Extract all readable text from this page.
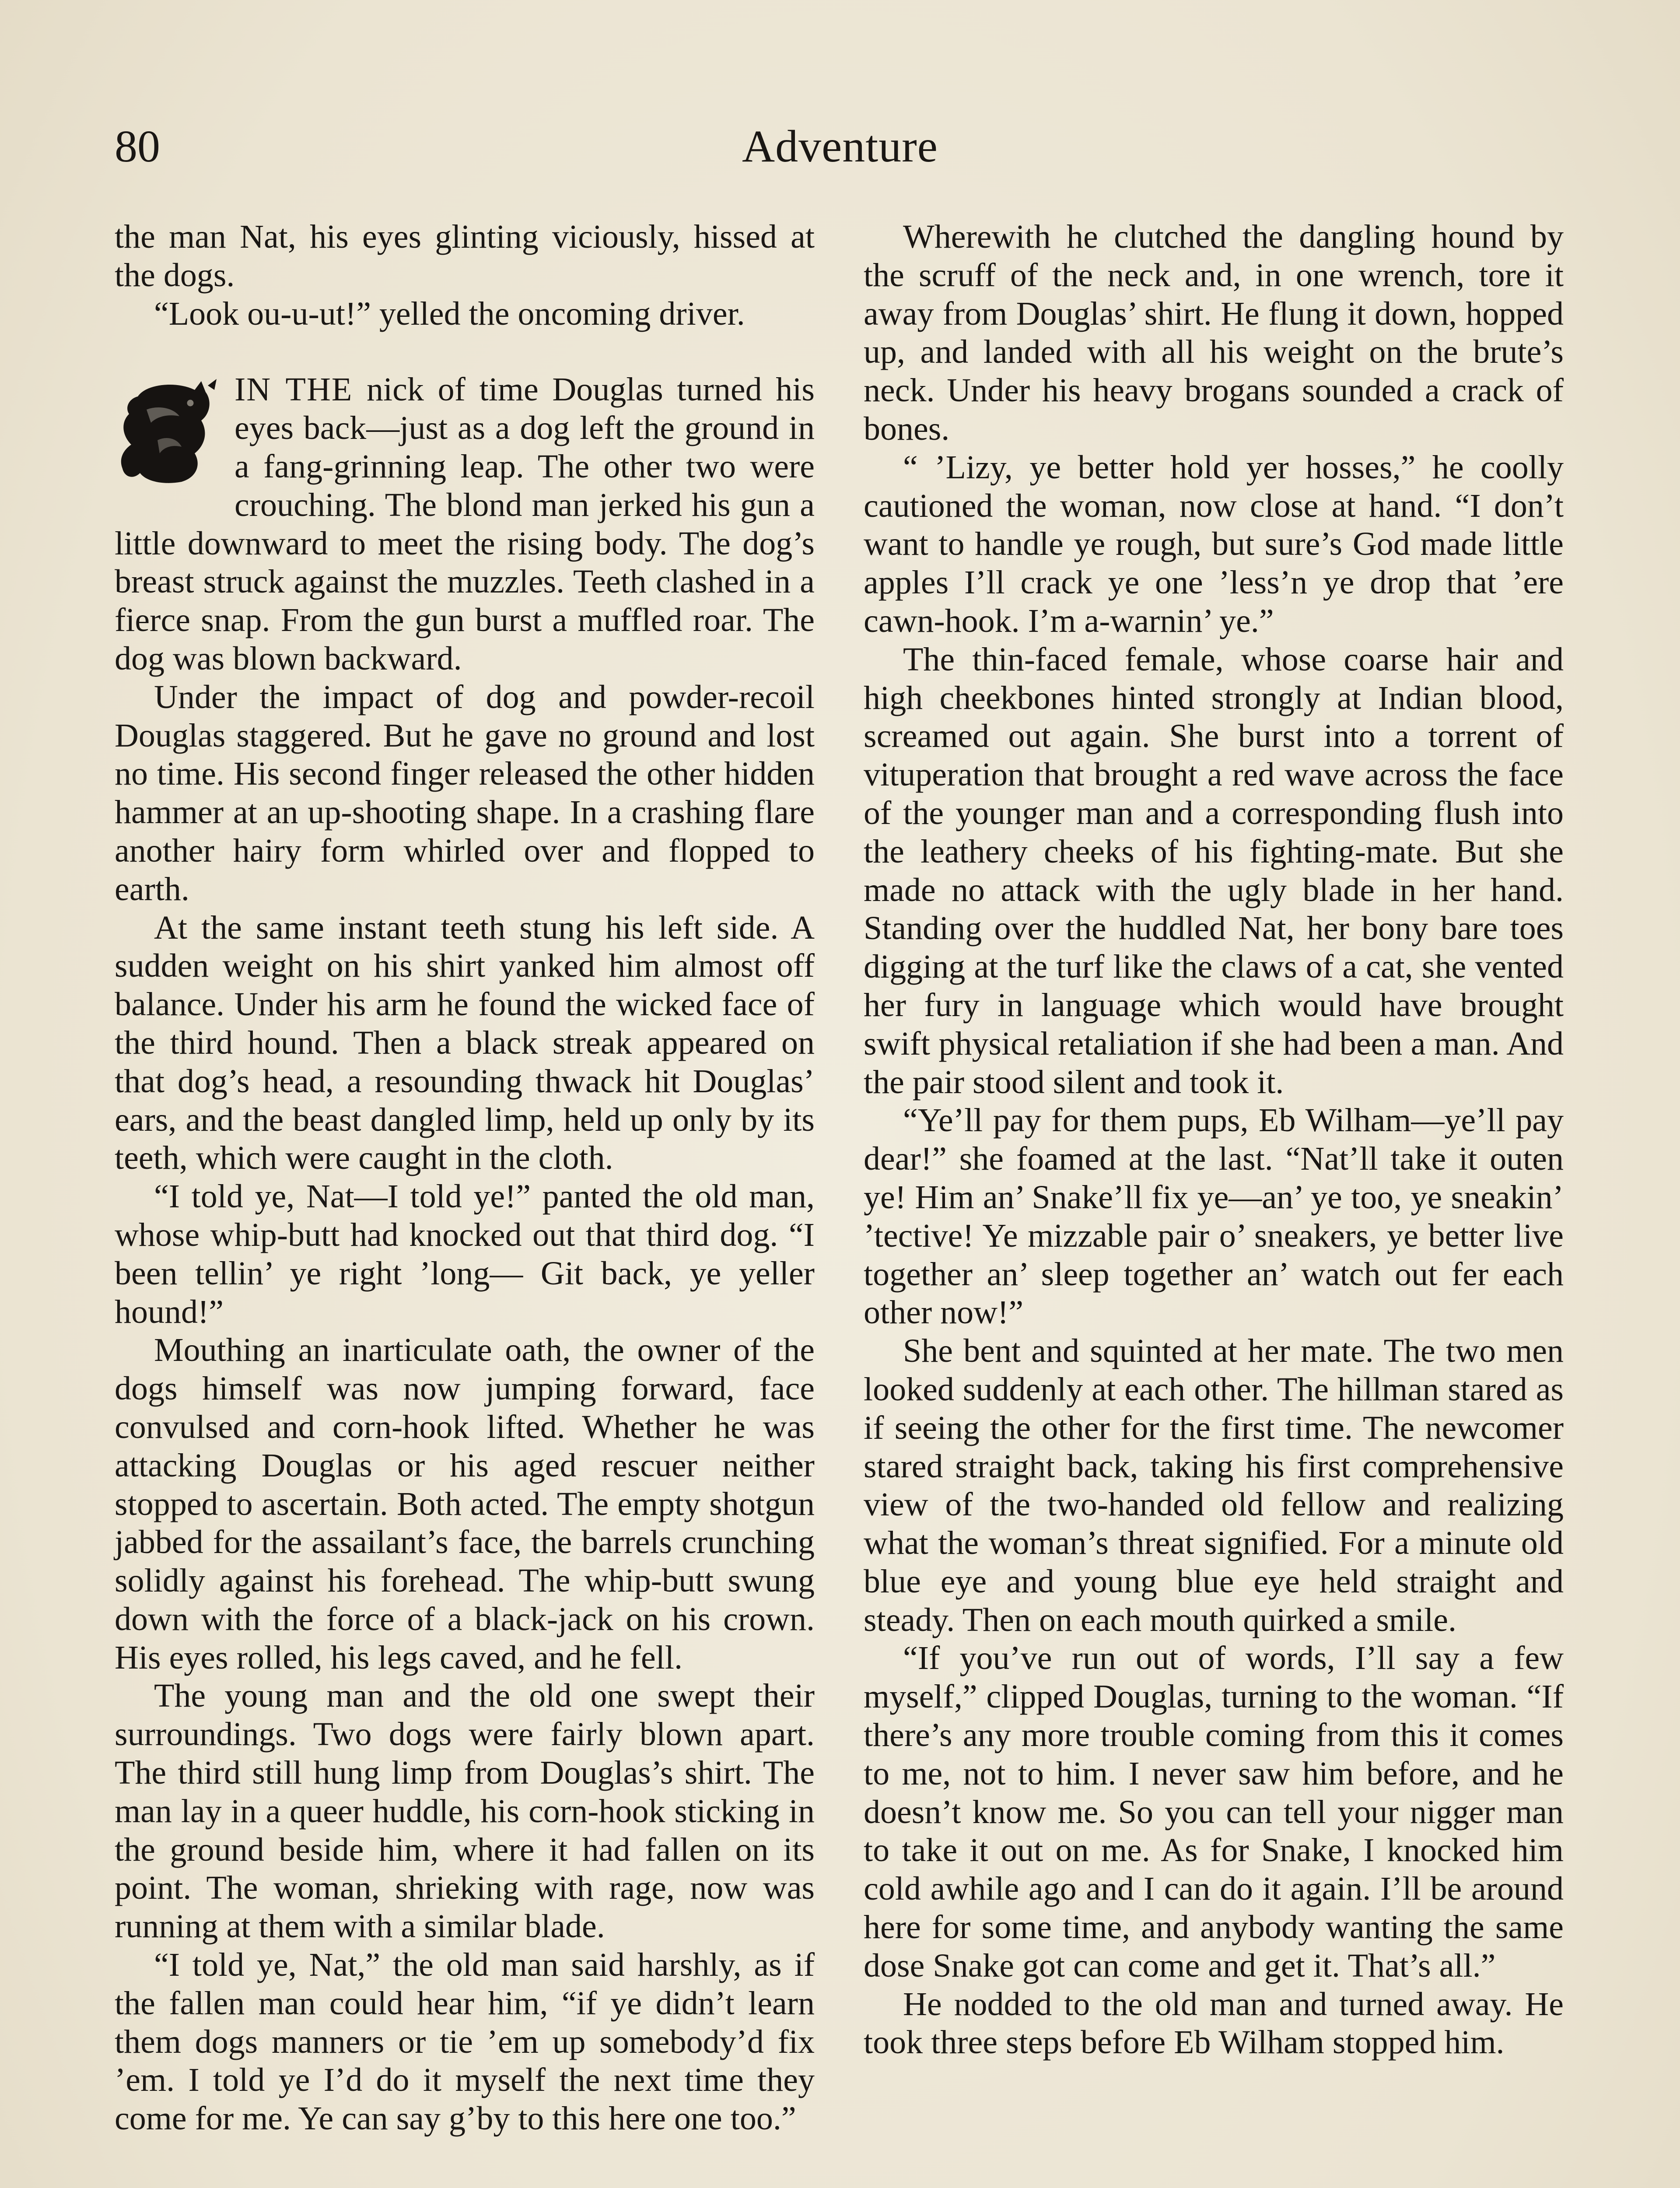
80	Adventure

the man Nat, his eyes glinting viciously, hissed at the dogs.

“Look ou-u-ut!” yelled the oncoming driver.

IN THE nick of time Douglas turned his eyes back—just as a dog left the ground in a fang-grinning leap. The other two were crouching. The blond man jerked his gun a little downward to meet the rising body. The dog’s breast struck against the muzzles. Teeth clashed in a fierce snap. From the gun burst a muffled roar. The dog was blown backward.

Under the impact of dog and powder-recoil Douglas staggered. But he gave no ground and lost no time. His second finger released the other hidden hammer at an up-shooting shape. In a crashing flare another hairy form whirled over and flopped to earth.

At the same instant teeth stung his left side. A sudden weight on his shirt yanked him almost off balance. Under his arm he found the wicked face of the third hound. Then a black streak appeared on that dog’s head, a resounding thwack hit Douglas’ ears, and the beast dangled limp, held up only by its teeth, which were caught in the cloth.

“I told ye, Nat—I told ye!” panted the old man, whose whip-butt had knocked out that third dog. “I been tellin’ ye right ’long— Git back, ye yeller hound!”

Mouthing an inarticulate oath, the owner of the dogs himself was now jumping forward, face convulsed and corn-hook lifted. Whether he was attacking Douglas or his aged rescuer neither stopped to ascertain. Both acted. The empty shotgun jabbed for the assailant’s face, the barrels crunching solidly against his forehead. The whip-butt swung down with the force of a black-jack on his crown. His eyes rolled, his legs caved, and he fell.

The young man and the old one swept their surroundings. Two dogs were fairly blown apart. The third still hung limp from Douglas’s shirt. The man lay in a queer huddle, his corn-hook sticking in the ground beside him, where it had fallen on its point. The woman, shrieking with rage, now was running at them with a similar blade.

“I told ye, Nat,” the old man said harshly, as if the fallen man could hear him, “if ye didn’t learn them dogs manners or tie ’em up somebody’d fix ’em. I told ye I’d do it myself the next time they come for me. Ye can say g’by to this here one too.”

Wherewith he clutched the dangling hound by the scruff of the neck and, in one wrench, tore it away from Douglas’ shirt. He flung it down, hopped up, and landed with all his weight on the brute’s neck. Under his heavy brogans sounded a crack of bones.

“ ’Lizy, ye better hold yer hosses,” he coolly cautioned the woman, now close at hand. “I don’t want to handle ye rough, but sure’s God made little apples I’ll crack ye one ’less’n ye drop that ’ere cawn-hook. I’m a-warnin’ ye.”

The thin-faced female, whose coarse hair and high cheekbones hinted strongly at Indian blood, screamed out again. She burst into a torrent of vituperation that brought a red wave across the face of the younger man and a corresponding flush into the leathery cheeks of his fighting-mate. But she made no attack with the ugly blade in her hand. Standing over the huddled Nat, her bony bare toes digging at the turf like the claws of a cat, she vented her fury in language which would have brought swift physical retaliation if she had been a man. And the pair stood silent and took it.

“Ye’ll pay for them pups, Eb Wilham—ye’ll pay dear!” she foamed at the last. “Nat’ll take it outen ye! Him an’ Snake’ll fix ye—an’ ye too, ye sneakin’ ’tective! Ye mizzable pair o’ sneakers, ye better live together an’ sleep together an’ watch out fer each other now!”

She bent and squinted at her mate. The two men looked suddenly at each other. The hillman stared as if seeing the other for the first time. The newcomer stared straight back, taking his first comprehensive view of the two-handed old fellow and realizing what the woman’s threat signified. For a minute old blue eye and young blue eye held straight and steady. Then on each mouth quirked a smile.

“If you’ve run out of words, I’ll say a few myself,” clipped Douglas, turning to the woman. “If there’s any more trouble coming from this it comes to me, not to him. I never saw him before, and he doesn’t know me. So you can tell your nigger man to take it out on me. As for Snake, I knocked him cold awhile ago and I can do it again. I’ll be around here for some time, and anybody wanting the same dose Snake got can come and get it. That’s all.”

He nodded to the old man and turned away. He took three steps before Eb Wilham stopped him.
